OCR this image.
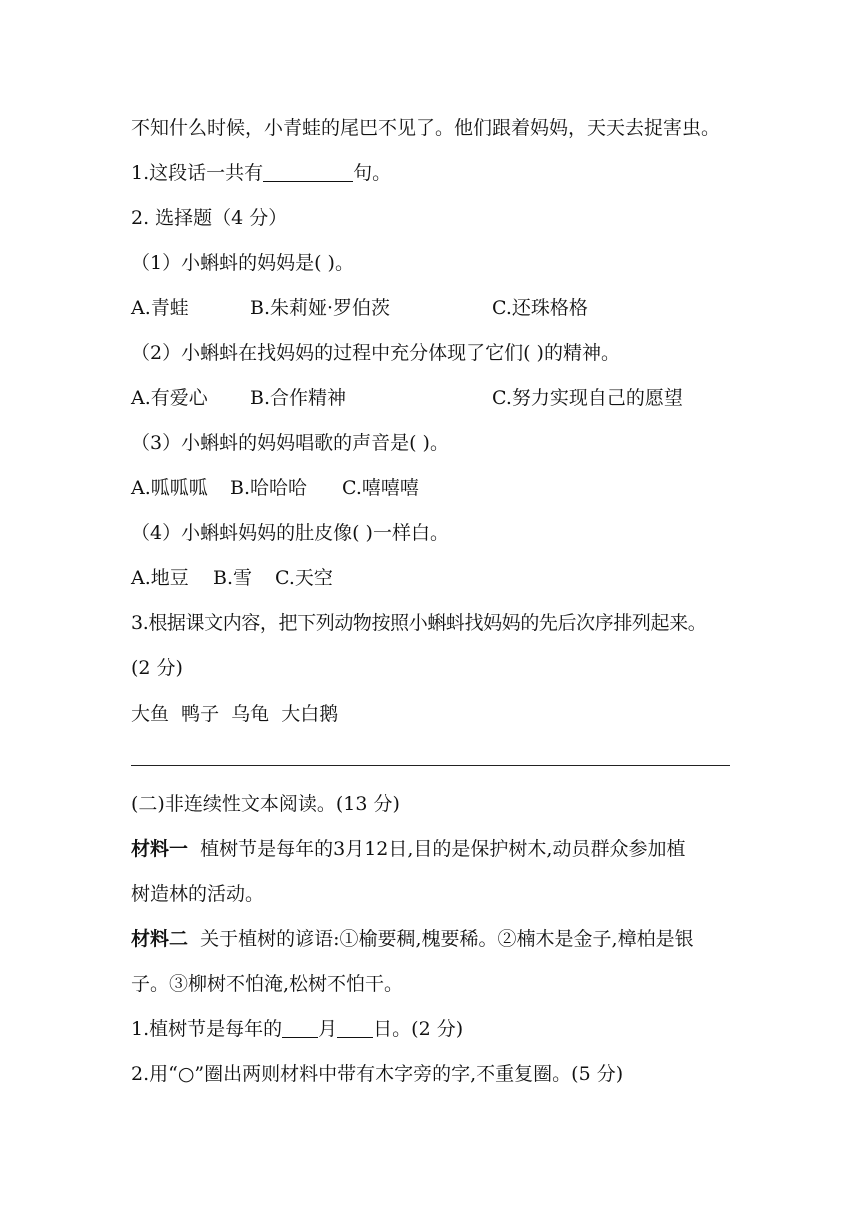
不知什么时候，小青蛙的尾巴不见了。他们跟着妈妈，天天去捉害虫。
1.这段话一共有	句。
2. 选择题（4 分）
（1）小蝌蚪的妈妈是( )。
A.青蛙	B.朱莉娅·罗伯茨	C.还珠格格
（2）小蝌蚪在找妈妈的过程中充分体现了它们( )的精神。
A.有爱心 B.合作精神	C.努力实现自己的愿望
（3）小蝌蚪的妈妈唱歌的声音是( )。
A.呱呱呱 B.哈哈哈 C.嘻嘻嘻
（4）小蝌蚪妈妈的肚皮像( )一样白。
A.地豆 B.雪 C.天空
3.根据课文内容，把下列动物按照小蝌蚪找妈妈的先后次序排列起来。
(2 分)
大鱼  鸭子  乌龟  大白鹅
(二)非连续性文本阅读。(13 分)
材料一 植树节是每年的3月12日,目的是保护树木,动员群众参加植
树造林的活动。
材料二 关于植树的谚语:①榆要稠,槐要稀。②楠木是金子,樟柏是银
子。③柳树不怕淹,松树不怕干。
1.植树节是每年的 月 日。(2 分)
2.用“○”圈出两则材料中带有木字旁的字,不重复圈。(5 分)
